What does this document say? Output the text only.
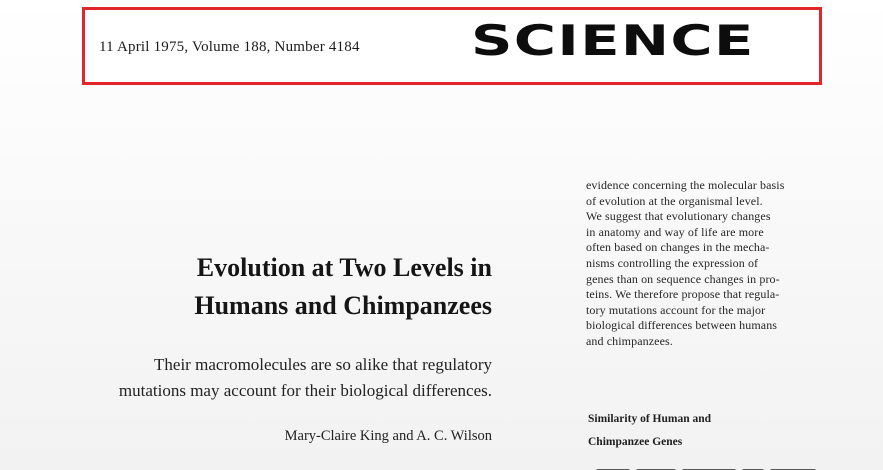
11 April 1975, Volume 188, Number 4184	SCIENCE
Evolution at Two Levels in
Humans and Chimpanzees
Their macromolecules are so alike that regulatory
mutations may account for their biological differences.
Mary-Claire King and A. C. Wilson
evidence concerning the molecular basis
of evolution at the organismal level.
We suggest that evolutionary changes
in anatomy and way of life are more
often based on changes in the mecha-
nisms controlling the expression of
genes than on sequence changes in pro-
teins. We therefore propose that regula-
tory mutations account for the major
biological differences between humans
and chimpanzees.
Similarity of Human and
Chimpanzee Genes
